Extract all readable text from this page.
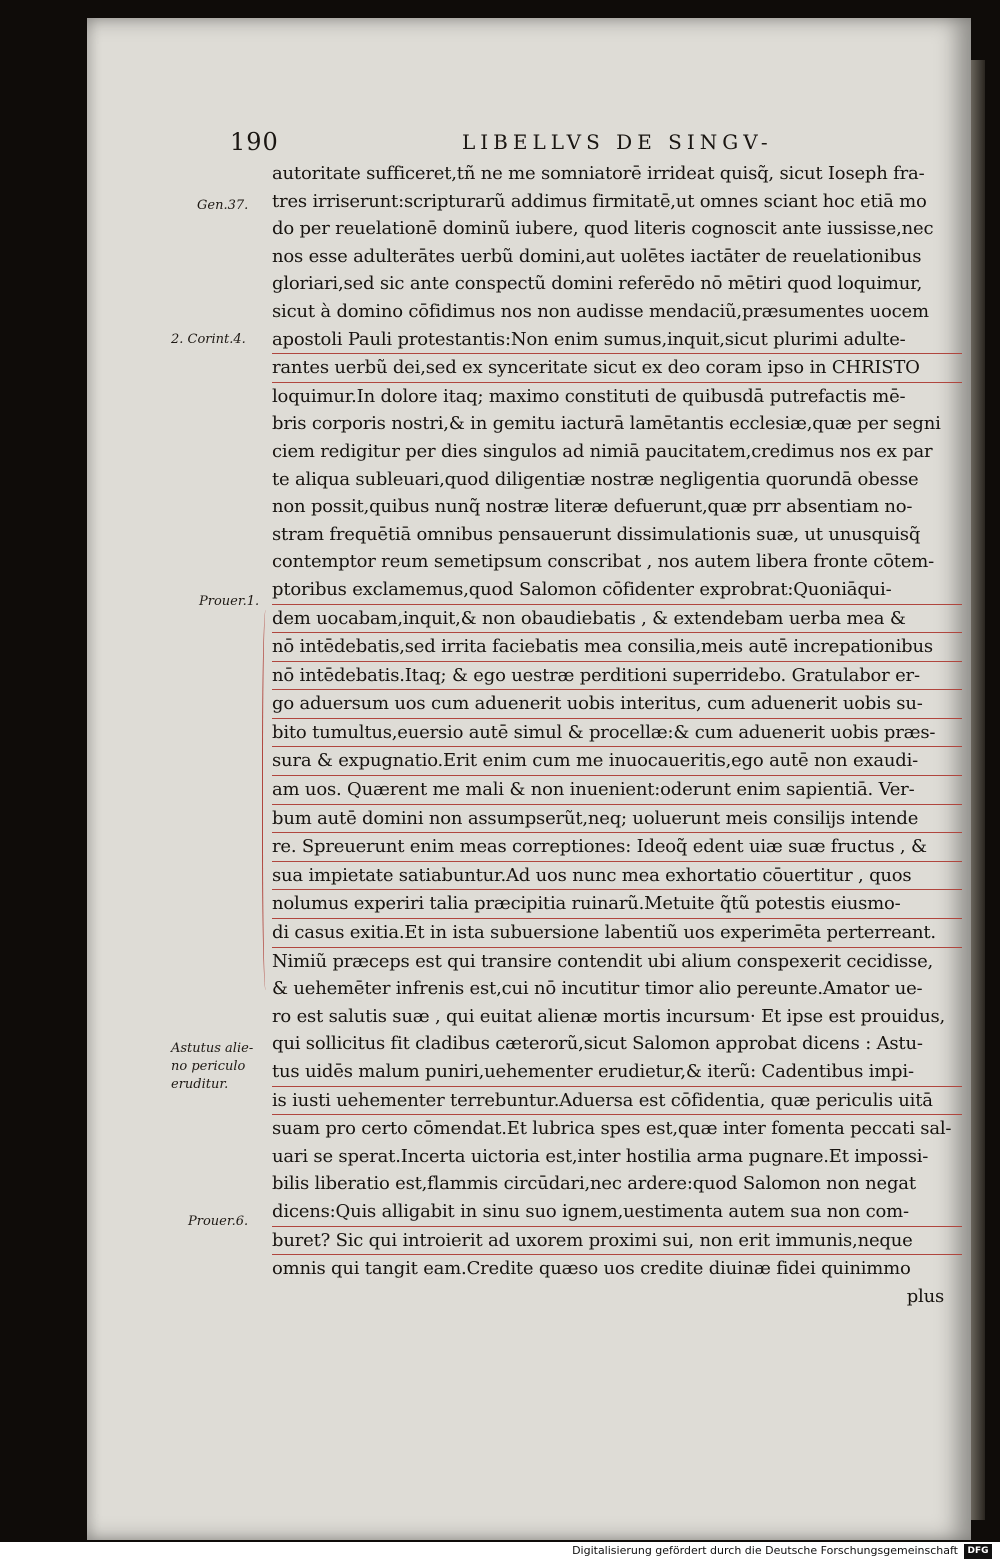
190	LIBELLVS DE SINGV-
Gen.37.
2. Corint.4.
Prouer.1.
Astutus alie-no periculo eruditur.
Prouer.6.
autoritate sufficeret,tñ ne me somniatorē irrideat quisq̃, sicut Ioseph fra-
tres irriserunt:scripturarũ addimus firmitatē,ut omnes sciant hoc etiā mo
do per reuelationē dominũ iubere, quod literis cognoscit ante iussisse,nec
nos esse adulterātes uerbũ domini,aut uolētes iactāter de reuelationibus
gloriari,sed sic ante conspectũ domini referēdo nō mētiri quod loquimur,
sicut à domino cōfidimus nos non audisse mendaciũ,præsumentes uocem
apostoli Pauli protestantis:Non enim sumus,inquit,sicut plurimi adulte-
rantes uerbũ dei,sed ex synceritate sicut ex deo coram ipso in CHRISTO
loquimur.In dolore itaq; maximo constituti de quibusdā putrefactis mē-
bris corporis nostri,& in gemitu iacturā lamētantis ecclesiæ,quæ per segni
ciem redigitur per dies singulos ad nimiā paucitatem,credimus nos ex par
te aliqua subleuari,quod diligentiæ nostræ negligentia quorundā obesse
non possit,quibus nunq̃ nostræ literæ defuerunt,quæ prr absentiam no-
stram frequētiā omnibus pensauerunt dissimulationis suæ, ut unusquisq̃
contemptor reum semetipsum conscribat , nos autem libera fronte cōtem-
ptoribus exclamemus,quod Salomon cōfidenter exprobrat:Quoniāqui-
dem uocabam,inquit,& non obaudiebatis , & extendebam uerba mea &
nō intēdebatis,sed irrita faciebatis mea consilia,meis autē increpationibus
nō intēdebatis.Itaq; & ego uestræ perditioni superridebo. Gratulabor er-
go aduersum uos cum aduenerit uobis interitus, cum aduenerit uobis su-
bito tumultus,euersio autē simul & procellæ:& cum aduenerit uobis præs-
sura & expugnatio.Erit enim cum me inuocaueritis,ego autē non exaudi-
am uos. Quærent me mali & non inuenient:oderunt enim sapientiā. Ver-
bum autē domini non assumpserũt,neq; uoluerunt meis consilijs intende
re. Spreuerunt enim meas correptiones: Ideoq̃ edent uiæ suæ fructus , &
sua impietate satiabuntur.Ad uos nunc mea exhortatio cōuertitur , quos
nolumus experiri talia præcipitia ruinarũ.Metuite q̃tũ potestis eiusmo-
di casus exitia.Et in ista subuersione labentiũ uos experimēta perterreant.
Nimiũ præceps est qui transire contendit ubi alium conspexerit cecidisse,
& uehemēter infrenis est,cui nō incutitur timor alio pereunte.Amator ue-
ro est salutis suæ , qui euitat alienæ mortis incursum· Et ipse est prouidus,
qui sollicitus fit cladibus cæterorũ,sicut Salomon approbat dicens : Astu-
tus uidēs malum puniri,uehementer erudietur,& iterũ: Cadentibus impi-
is iusti uehementer terrebuntur.Aduersa est cōfidentia, quæ periculis uitā
suam pro certo cōmendat.Et lubrica spes est,quæ inter fomenta peccati sal-
uari se sperat.Incerta uictoria est,inter hostilia arma pugnare.Et impossi-
bilis liberatio est,flammis circūdari,nec ardere:quod Salomon non negat
dicens:Quis alligabit in sinu suo ignem,uestimenta autem sua non com-
buret? Sic qui introierit ad uxorem proximi sui, non erit immunis,neque
omnis qui tangit eam.Credite quæso uos credite diuinæ fidei quinimmo
plus
Digitalisierung gefördert durch die Deutsche Forschungsgemeinschaft	DFG
